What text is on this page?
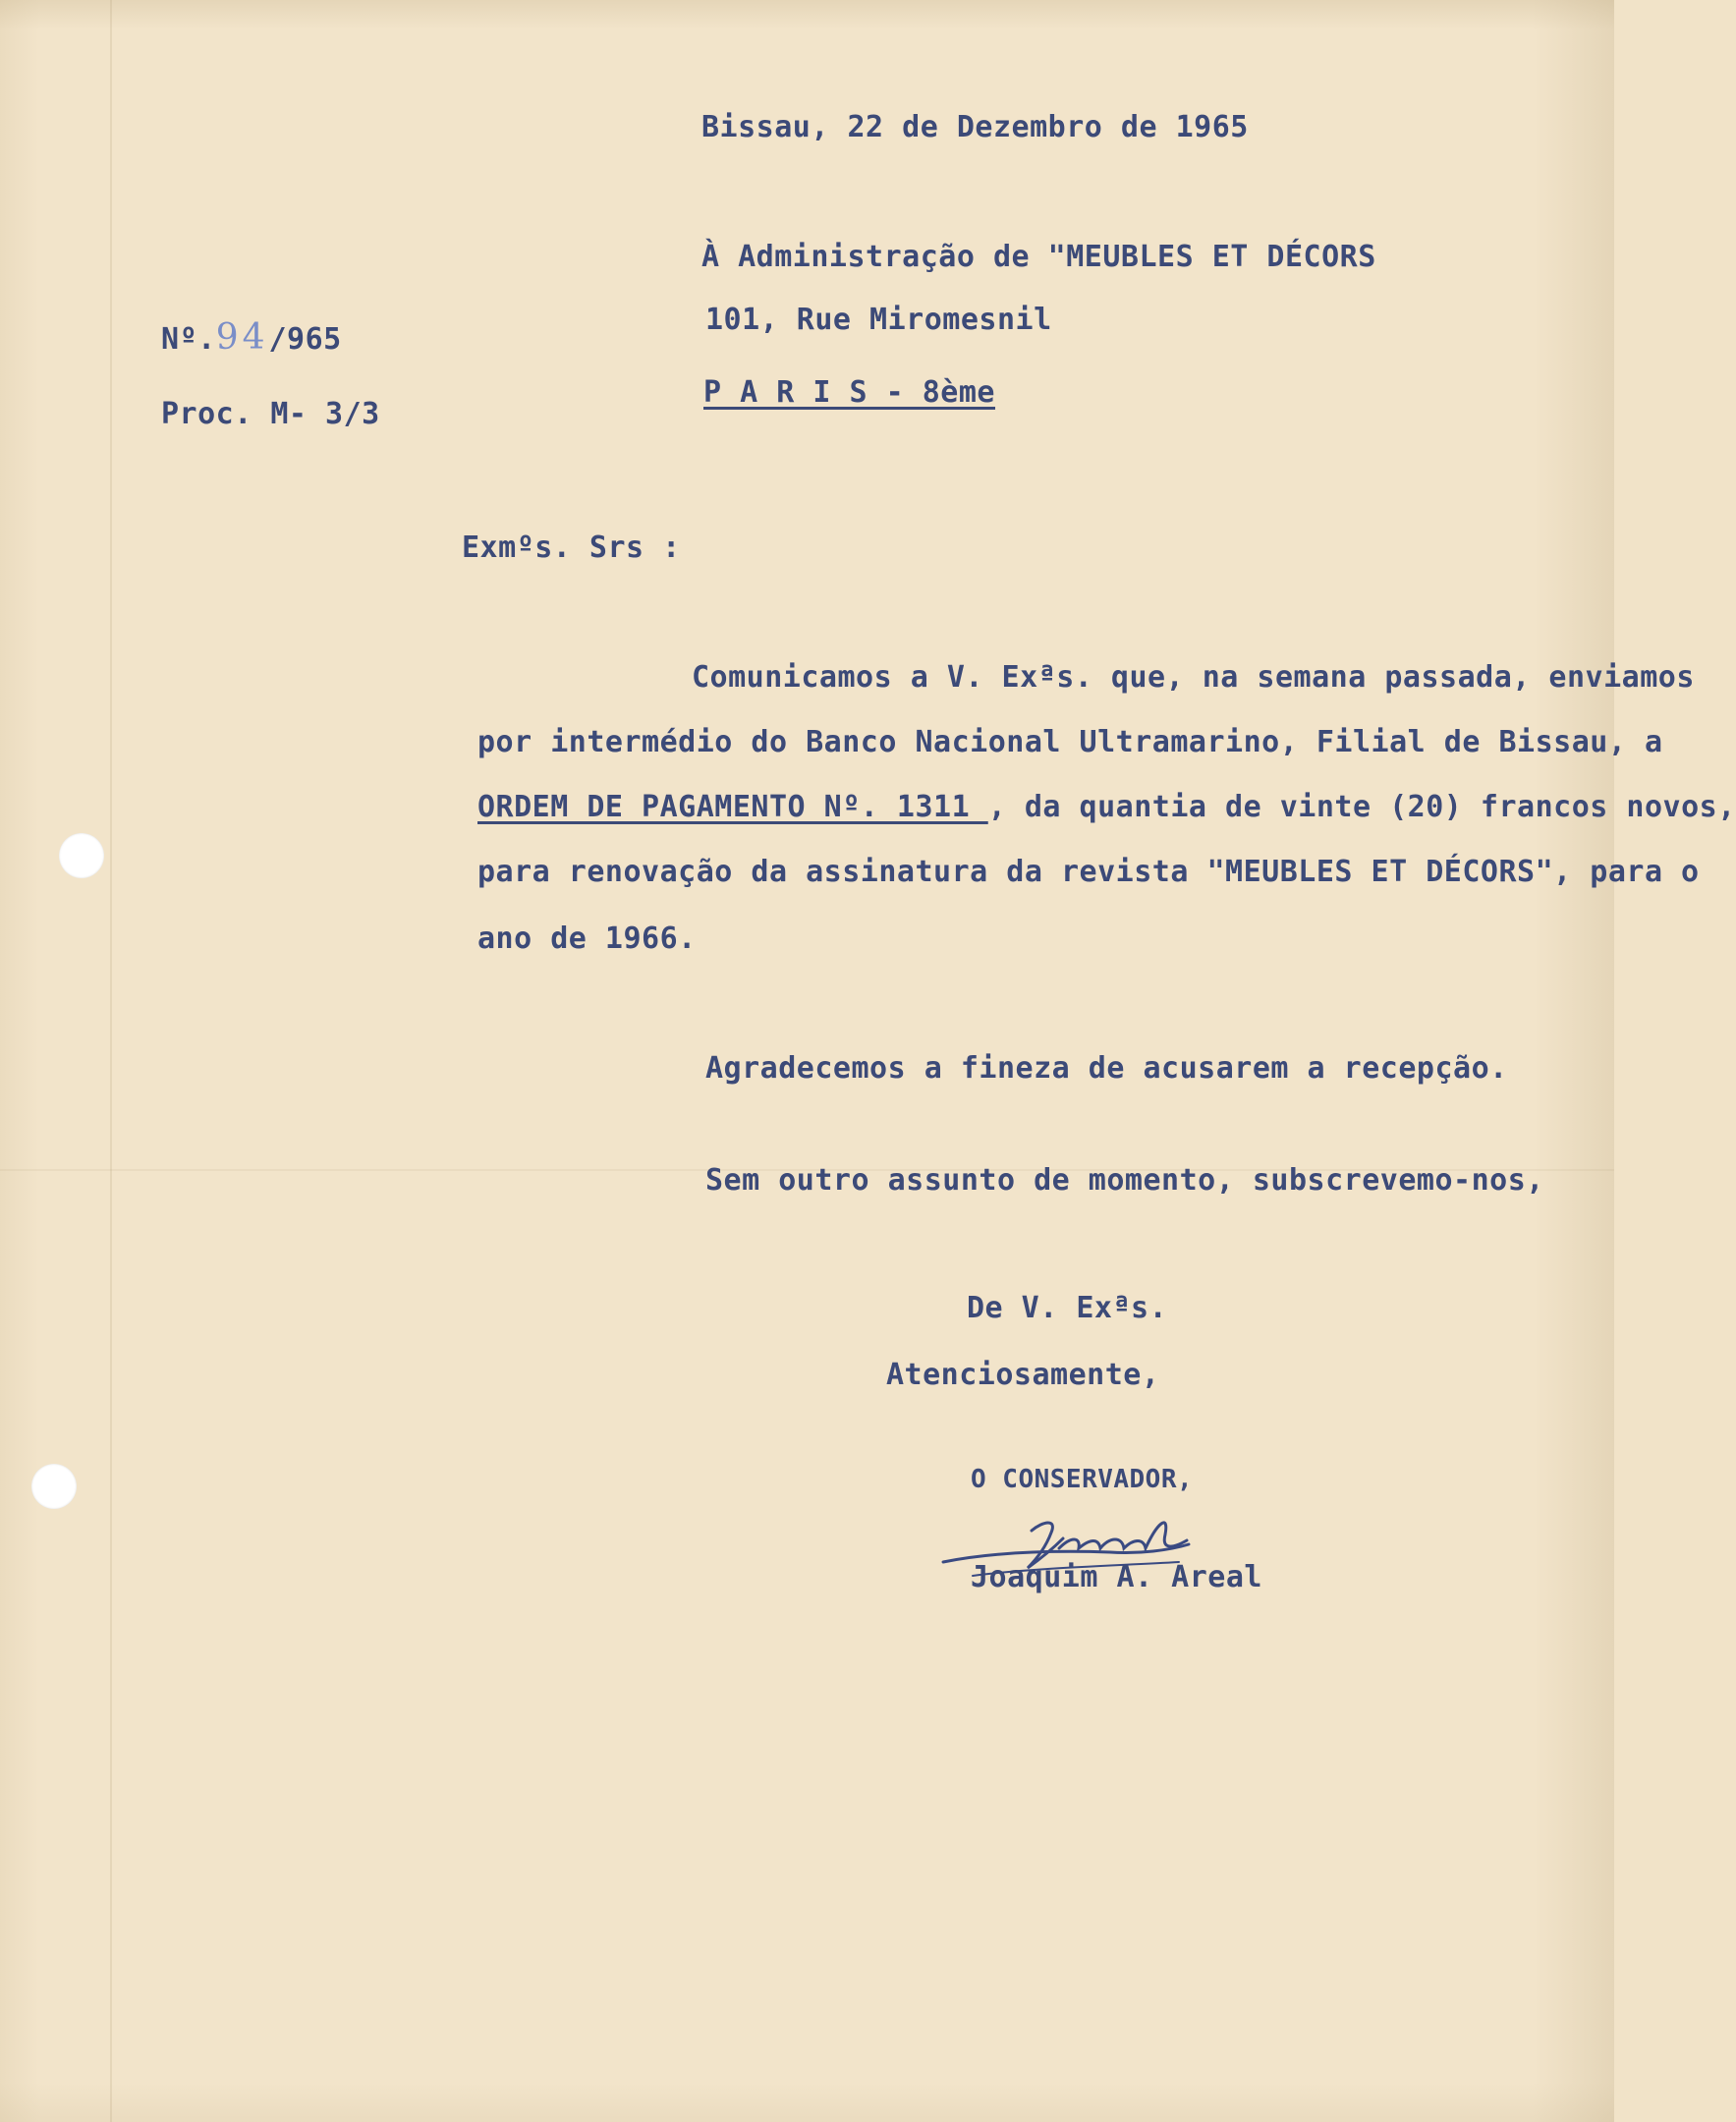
Bissau, 22 de Dezembro de 1965
À Administração de "MEUBLES ET DÉCORS
101, Rue Miromesnil
P A R I S - 8ème
Nº.94/965
Proc. M- 3/3
Exmºs. Srs :
Comunicamos a V. Exªs. que, na semana passada, enviamos
por intermédio do Banco Nacional Ultramarino, Filial de Bissau, a
ORDEM DE PAGAMENTO Nº. 1311 , da quantia de vinte (20) francos novos,
para renovação da assinatura da revista "MEUBLES ET DÉCORS", para o
ano de 1966.
Agradecemos a fineza de acusarem a recepção.
Sem outro assunto de momento, subscrevemo-nos,
De V. Exªs.
Atenciosamente,
O CONSERVADOR,
Joaquim A. Areal
